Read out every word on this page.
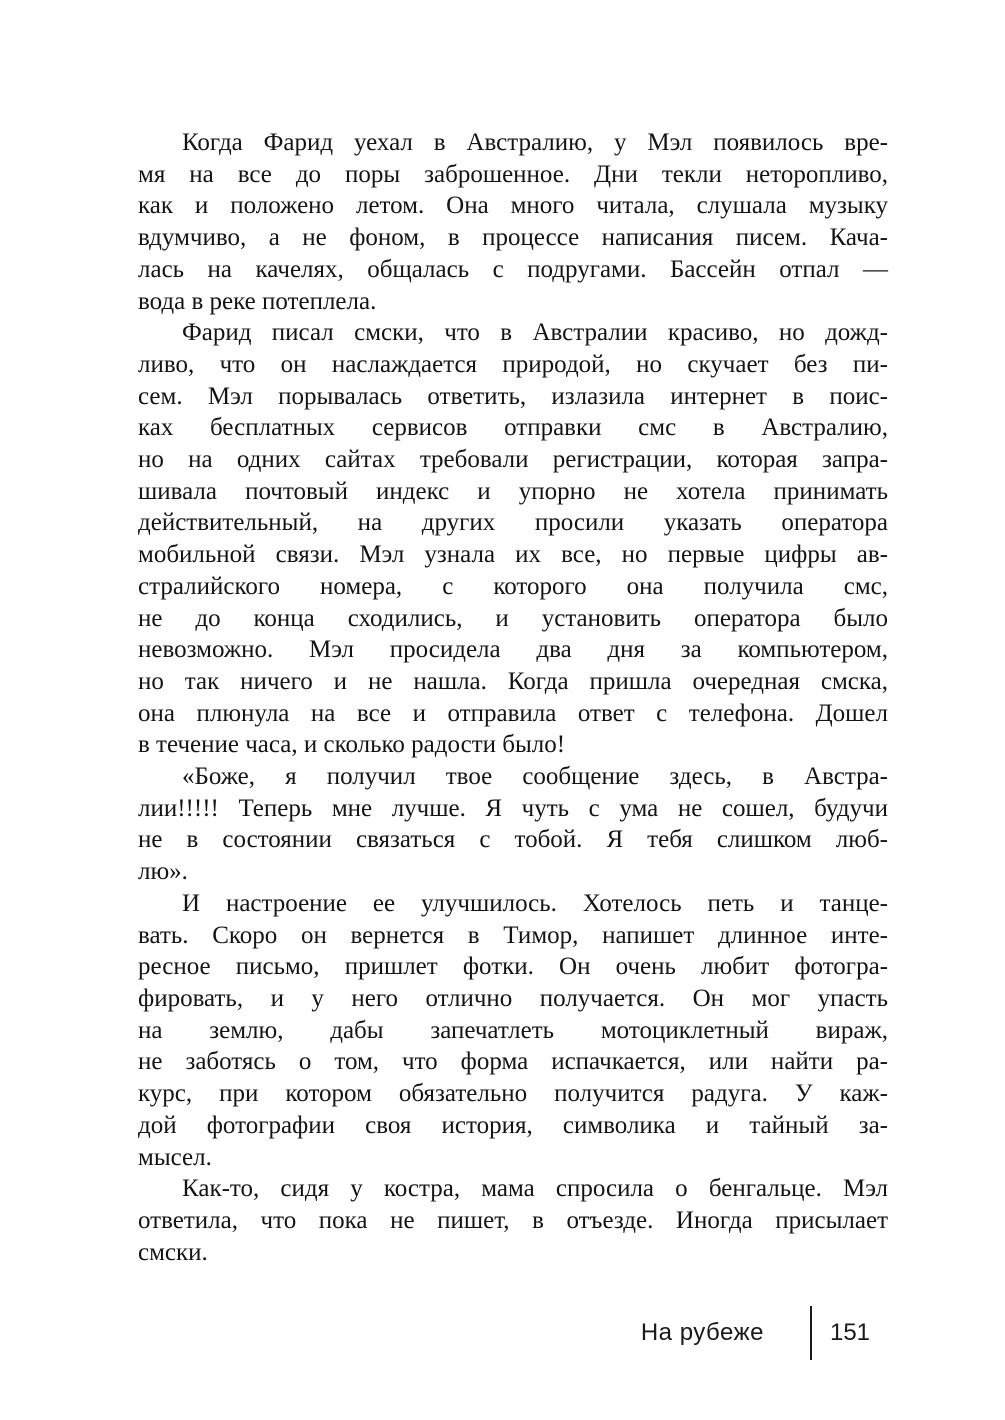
Когда Фарид уехал в Австралию, у Мэл появилось вре-
мя на все до поры заброшенное. Дни текли неторопливо,
как и положено летом. Она много читала, слушала музыку
вдумчиво, а не фоном, в процессе написания писем. Кача-
лась на качелях, общалась с подругами. Бассейн отпал —
вода в реке потеплела.
Фарид писал смски, что в Австралии красиво, но дожд-
ливо, что он наслаждается природой, но скучает без пи-
сем. Мэл порывалась ответить, излазила интернет в поис-
ках бесплатных сервисов отправки смс в Австралию,
но на одних сайтах требовали регистрации, которая запра-
шивала почтовый индекс и упорно не хотела принимать
действительный, на других просили указать оператора
мобильной связи. Мэл узнала их все, но первые цифры ав-
стралийского номера, с которого она получила смс,
не до конца сходились, и установить оператора было
невозможно. Мэл просидела два дня за компьютером,
но так ничего и не нашла. Когда пришла очередная смска,
она плюнула на все и отправила ответ с телефона. Дошел
в течение часа, и сколько радости было!
«Боже, я получил твое сообщение здесь, в Австра-
лии!!!!! Теперь мне лучше. Я чуть с ума не сошел, будучи
не в состоянии связаться с тобой. Я тебя слишком люб-
лю».
И настроение ее улучшилось. Хотелось петь и танце-
вать. Скоро он вернется в Тимор, напишет длинное инте-
ресное письмо, пришлет фотки. Он очень любит фотогра-
фировать, и у него отлично получается. Он мог упасть
на землю, дабы запечатлеть мотоциклетный вираж,
не заботясь о том, что форма испачкается, или найти ра-
курс, при котором обязательно получится радуга. У каж-
дой фотографии своя история, символика и тайный за-
мысел.
Как-то, сидя у костра, мама спросила о бенгальце. Мэл
ответила, что пока не пишет, в отъезде. Иногда присылает
смски.
На рубеже	151
